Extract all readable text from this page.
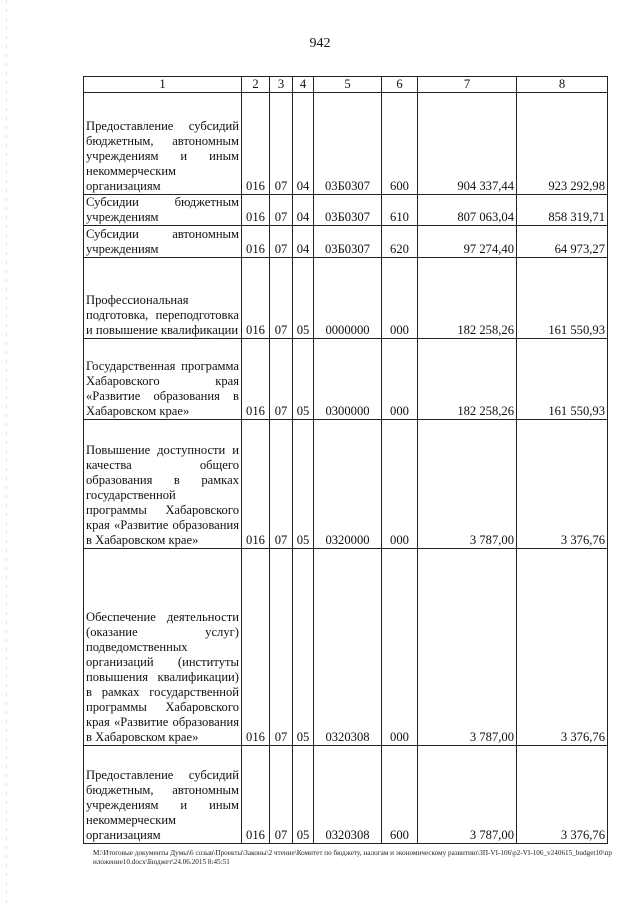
942
1	2	3	4	5	6	7	8
Предоставление субсидий бюджетным, автономным учреждениям и иным некоммерческим организациям	016	07	04	03Б0307	600	904 337,44	923 292,98
Субсидии бюджетным учреждениям	016	07	04	03Б0307	610	807 063,04	858 319,71
Субсидии автономным учреждениям	016	07	04	03Б0307	620	97 274,40	64 973,27
Профессиональная подготовка, переподготовка и повышение квалификации	016	07	05	0000000	000	182 258,26	161 550,93
Государственная программа Хабаровского края «Развитие образования в Хабаровском крае»	016	07	05	0300000	000	182 258,26	161 550,93
Повышение доступности и качества общего образования в рамках государственной программы Хабаровского края «Развитие образования в Хабаровском крае»	016	07	05	0320000	000	3 787,00	3 376,76
Обеспечение деятельности (оказание услуг) подведомственных организаций (институты повышения квалификации) в рамках государственной программы Хабаровского края «Развитие образования в Хабаровском крае»	016	07	05	0320308	000	3 787,00	3 376,76
Предоставление субсидий бюджетным, автономным учреждениям и иным некоммерческим организациям	016	07	05	0320308	600	3 787,00	3 376,76
M:\Итоговые документы Думы\6 созыв\Проекты\Законы\2 чтение\Комитет по бюджету, налогам и экономическому развитию\ЗП-VI-106\р2-VI-106_v240615_budget10\приложение10.docx\Бюджет\24.06.2015 8:45:51
